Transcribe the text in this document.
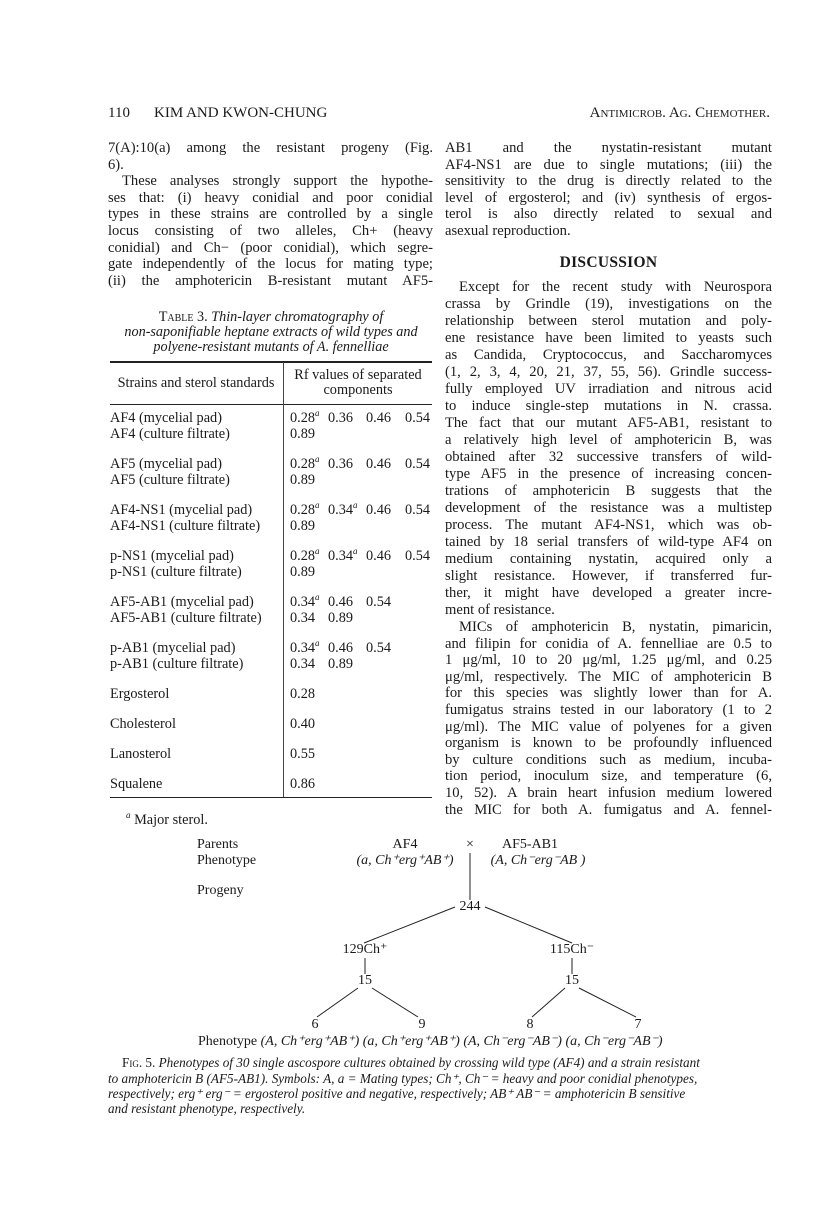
110 KIM AND KWON-CHUNG	Antimicrob. Ag. Chemother.
7(A):10(a) among the resistant progeny (Fig.
6).
These analyses strongly support the hypothe-
ses that: (i) heavy conidial and poor conidial
types in these strains are controlled by a single
locus consisting of two alleles, Ch+ (heavy
conidial) and Ch− (poor conidial), which segre-
gate independently of the locus for mating type;
(ii) the amphotericin B-resistant mutant AF5-
AB1 and the nystatin-resistant mutant
AF4-NS1 are due to single mutations; (iii) the
sensitivity to the drug is directly related to the
level of ergosterol; and (iv) synthesis of ergos-
terol is also directly related to sexual and
asexual reproduction.
DISCUSSION
Except for the recent study with Neurospora
crassa by Grindle (19), investigations on the
relationship between sterol mutation and poly-
ene resistance have been limited to yeasts such
as Candida, Cryptococcus, and Saccharomyces
(1, 2, 3, 4, 20, 21, 37, 55, 56). Grindle success-
fully employed UV irradiation and nitrous acid
to induce single-step mutations in N. crassa.
The fact that our mutant AF5-AB1, resistant to
a relatively high level of amphotericin B, was
obtained after 32 successive transfers of wild-
type AF5 in the presence of increasing concen-
trations of amphotericin B suggests that the
development of the resistance was a multistep
process. The mutant AF4-NS1, which was ob-
tained by 18 serial transfers of wild-type AF4 on
medium containing nystatin, acquired only a
slight resistance. However, if transferred fur-
ther, it might have developed a greater incre-
ment of resistance.
MICs of amphotericin B, nystatin, pimaricin,
and filipin for conidia of A. fennelliae are 0.5 to
1 μg/ml, 10 to 20 μg/ml, 1.25 μg/ml, and 0.25
μg/ml, respectively. The MIC of amphotericin B
for this species was slightly lower than for A.
fumigatus strains tested in our laboratory (1 to 2
μg/ml). The MIC value of polyenes for a given
organism is known to be profoundly influenced
by culture conditions such as medium, incuba-
tion period, inoculum size, and temperature (6,
10, 52). A brain heart infusion medium lowered
the MIC for both A. fumigatus and A. fennel-
Table 3. Thin-layer chromatography of
non-saponifiable heptane extracts of wild types and
polyene-resistant mutants of A. fennelliae
Strains and sterol standards	Rf values of separated
components
AF4 (mycelial pad)	0.28$^a$ 0.36 0.46 0.54
AF4 (culture filtrate)	0.89
AF5 (mycelial pad)	0.28$^a$ 0.36 0.46 0.54
AF5 (culture filtrate)	0.89
AF4-NS1 (mycelial pad)	0.28$^a$ 0.34$^a$ 0.46 0.54
AF4-NS1 (culture filtrate) 0.89
p-NS1 (mycelial pad)	0.28$^a$ 0.34$^a$ 0.46 0.54
p-NS1 (culture filtrate)	0.89
AF5-AB1 (mycelial pad)	0.34$^a$ 0.46 0.54
AF5-AB1 (culture filtrate) 0.34 0.89
p-AB1 (mycelial pad)	0.34$^a$ 0.46 0.54
p-AB1 (culture filtrate)	0.34 0.89
Ergosterol	0.28
Cholesterol	0.40
Lanosterol	0.55
Squalene	0.86
$^a$ Major sterol.
Parents
Phenotype
Progeny
AF4
(a, Ch⁺erg⁺AB⁺)
×	AF5-AB1
(A, Ch⁻erg⁻AB )
244
129Ch⁺	115Ch⁻
15	15
6	9	8	7
Phenotype (A, Ch⁺erg⁺AB⁺) (a, Ch⁺erg⁺AB⁺) (A, Ch⁻erg⁻AB⁻) (a, Ch⁻erg⁻AB⁻)
Fig. 5. Phenotypes of 30 single ascospore cultures obtained by crossing wild type (AF4) and a strain resistant
to amphotericin B (AF5-AB1). Symbols: A, a = Mating types; Ch⁺, Ch⁻ = heavy and poor conidial phenotypes,
respectively; erg⁺ erg⁻ = ergosterol positive and negative, respectively; AB⁺ AB⁻ = amphotericin B sensitive
and resistant phenotype, respectively.
